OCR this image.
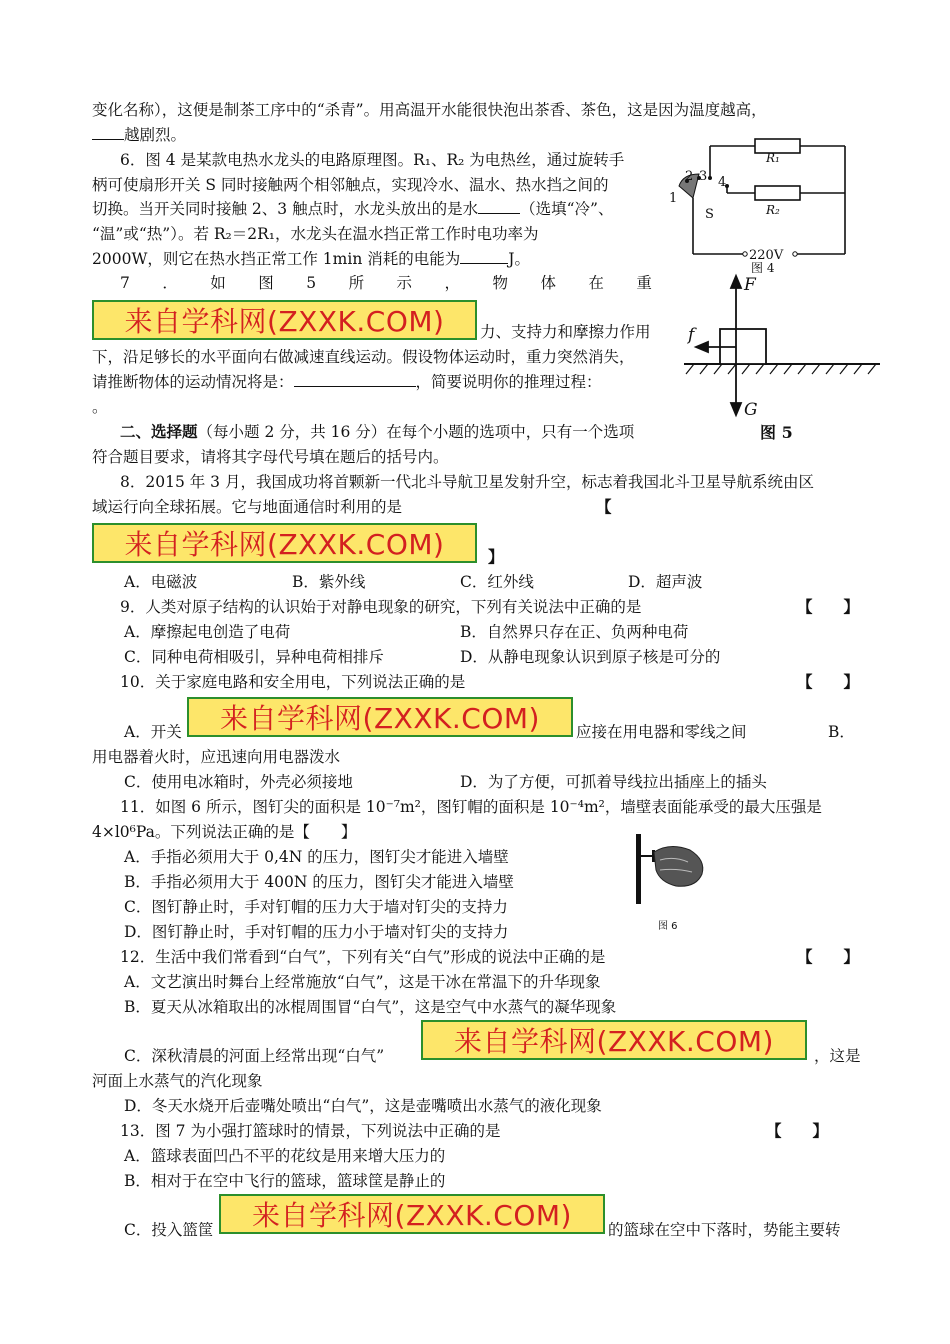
变化名称），这便是制茶工序中的“杀青”。用高温开水能很快泡出茶香、茶色，这是因为温度越高，
越剧烈。
6．图 4 是某款电热水龙头的电路原理图。R₁、R₂ 为电热丝，通过旋转手
柄可使扇形开关 S 同时接触两个相邻触点，实现冷水、温水、热水挡之间的
切换。当开关同时接触 2、3 触点时，水龙头放出的是水	（选填“冷”、
“温”或“热”）。若 R₂＝2R₁，水龙头在温水挡正常工作时电功率为
2000W，则它在热水挡正常工作 1min 消耗的电能为	J。
R₁
R₂
1
2 3 4
S
220V
图 4
7 ． 如 图 5 所 示 ， 物 体 在 重
来自学科网(ZXXK.COM)	力、支持力和摩擦力作用
下，沿足够长的水平面向右做减速直线运动。假设物体运动时，重力突然消失，
请推断物体的运动情况将是：	，简要说明你的推理过程：
。
F
f
G
图 5
二、选择题（每小题 2 分，共 16 分）在每个小题的选项中，只有一个选项
符合题目要求，请将其字母代号填在题后的括号内。
8．2015 年 3 月，我国成功将首颗新一代北斗导航卫星发射升空，标志着我国北斗卫星导航系统由区
域运行向全球拓展。它与地面通信时利用的是	【
来自学科网(ZXXK.COM)	】
A．电磁波	B．紫外线	C．红外线	D．超声波
9．人类对原子结构的认识始于对静电现象的研究，下列有关说法中正确的是	【　　】
A．摩擦起电创造了电荷	B．自然界只存在正、负两种电荷
C．同种电荷相吸引，异种电荷相排斥	D．从静电现象认识到原子核是可分的
10．关于家庭电路和安全用电，下列说法正确的是	【　　】
A．开关	来自学科网(ZXXK.COM)	应接在用电器和零线之间	B．
用电器着火时，应迅速向用电器泼水
C．使用电冰箱时，外壳必须接地	D．为了方便，可抓着导线拉出插座上的插头
11．如图 6 所示，图钉尖的面积是 10⁻⁷m²，图钉帽的面积是 10⁻⁴m²，墙壁表面能承受的最大压强是
4×l0⁶Pa。下列说法正确的是【　　】
A．手指必须用大于 0,4N 的压力，图钉尖才能进入墙壁
B．手指必须用大于 400N 的压力，图钉尖才能进入墙壁
C．图钉静止时，手对钉帽的压力大于墙对钉尖的支持力
D．图钉静止时，手对钉帽的压力小于墙对钉尖的支持力	图 6
12．生活中我们常看到“白气”，下列有关“白气”形成的说法中正确的是	【　　】
A．文艺演出时舞台上经常施放“白气”，这是干冰在常温下的升华现象
B．夏天从冰箱取出的冰棍周围冒“白气”，这是空气中水蒸气的凝华现象
C．深秋清晨的河面上经常出现“白气”	来自学科网(ZXXK.COM)	，这是
河面上水蒸气的汽化现象
D．冬天水烧开后壶嘴处喷出“白气”，这是壶嘴喷出水蒸气的液化现象
13．图 7 为小强打篮球时的情景，下列说法中正确的是	【　　】
A．篮球表面凹凸不平的花纹是用来增大压力的
B．相对于在空中飞行的篮球，篮球筐是静止的
C．投入篮筐	来自学科网(ZXXK.COM)	的篮球在空中下落时，势能主要转
